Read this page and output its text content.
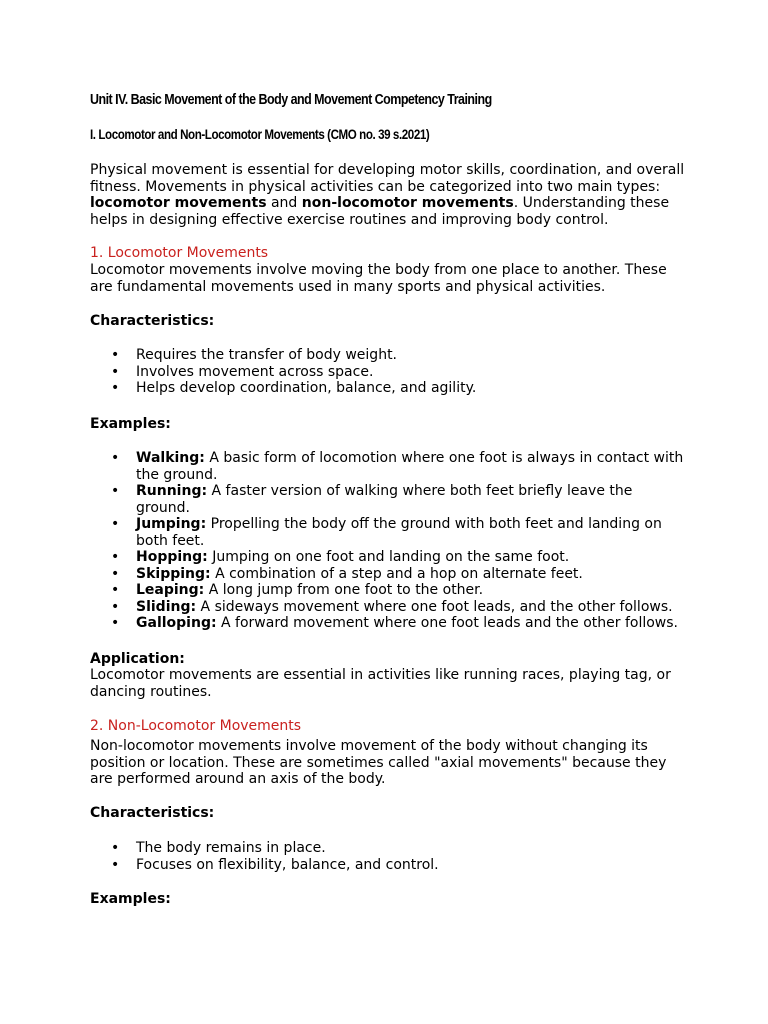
Unit IV. Basic Movement of the Body and Movement Competency Training
I. Locomotor and Non-Locomotor Movements (CMO no. 39 s.2021)
Physical movement is essential for developing motor skills, coordination, and overall fitness. Movements in physical activities can be categorized into two main types: locomotor movements and non-locomotor movements. Understanding these helps in designing effective exercise routines and improving body control.
1. Locomotor Movements
Locomotor movements involve moving the body from one place to another. These are fundamental movements used in many sports and physical activities.
Characteristics:
• Requires the transfer of body weight.
• Involves movement across space.
• Helps develop coordination, balance, and agility.
Examples:
• Walking: A basic form of locomotion where one foot is always in contact with the ground.
• Running: A faster version of walking where both feet briefly leave the ground.
• Jumping: Propelling the body off the ground with both feet and landing on both feet.
• Hopping: Jumping on one foot and landing on the same foot.
• Skipping: A combination of a step and a hop on alternate feet.
• Leaping: A long jump from one foot to the other.
• Sliding: A sideways movement where one foot leads, and the other follows.
• Galloping: A forward movement where one foot leads and the other follows.
Application:
Locomotor movements are essential in activities like running races, playing tag, or dancing routines.
2. Non-Locomotor Movements
Non-locomotor movements involve movement of the body without changing its position or location. These are sometimes called "axial movements" because they are performed around an axis of the body.
Characteristics:
• The body remains in place.
• Focuses on flexibility, balance, and control.
Examples:
